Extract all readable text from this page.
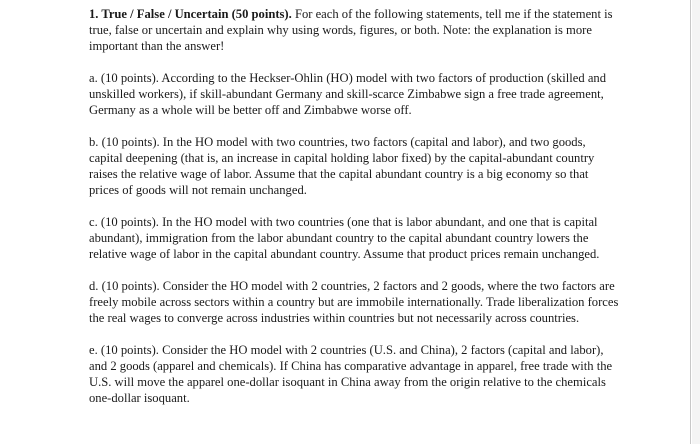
1. True / False / Uncertain (50 points). For each of the following statements, tell me if the statement is true, false or uncertain and explain why using words, figures, or both. Note: the explanation is more important than the answer!

a. (10 points). According to the Heckser-Ohlin (HO) model with two factors of production (skilled and unskilled workers), if skill-abundant Germany and skill-scarce Zimbabwe sign a free trade agreement, Germany as a whole will be better off and Zimbabwe worse off.

b. (10 points). In the HO model with two countries, two factors (capital and labor), and two goods, capital deepening (that is, an increase in capital holding labor fixed) by the capital-abundant country raises the relative wage of labor. Assume that the capital abundant country is a big economy so that prices of goods will not remain unchanged.

c. (10 points). In the HO model with two countries (one that is labor abundant, and one that is capital abundant), immigration from the labor abundant country to the capital abundant country lowers the relative wage of labor in the capital abundant country. Assume that product prices remain unchanged.

d. (10 points). Consider the HO model with 2 countries, 2 factors and 2 goods, where the two factors are freely mobile across sectors within a country but are immobile internationally. Trade liberalization forces the real wages to converge across industries within countries but not necessarily across countries.

e. (10 points). Consider the HO model with 2 countries (U.S. and China), 2 factors (capital and labor), and 2 goods (apparel and chemicals). If China has comparative advantage in apparel, free trade with the U.S. will move the apparel one-dollar isoquant in China away from the origin relative to the chemicals one-dollar isoquant.
